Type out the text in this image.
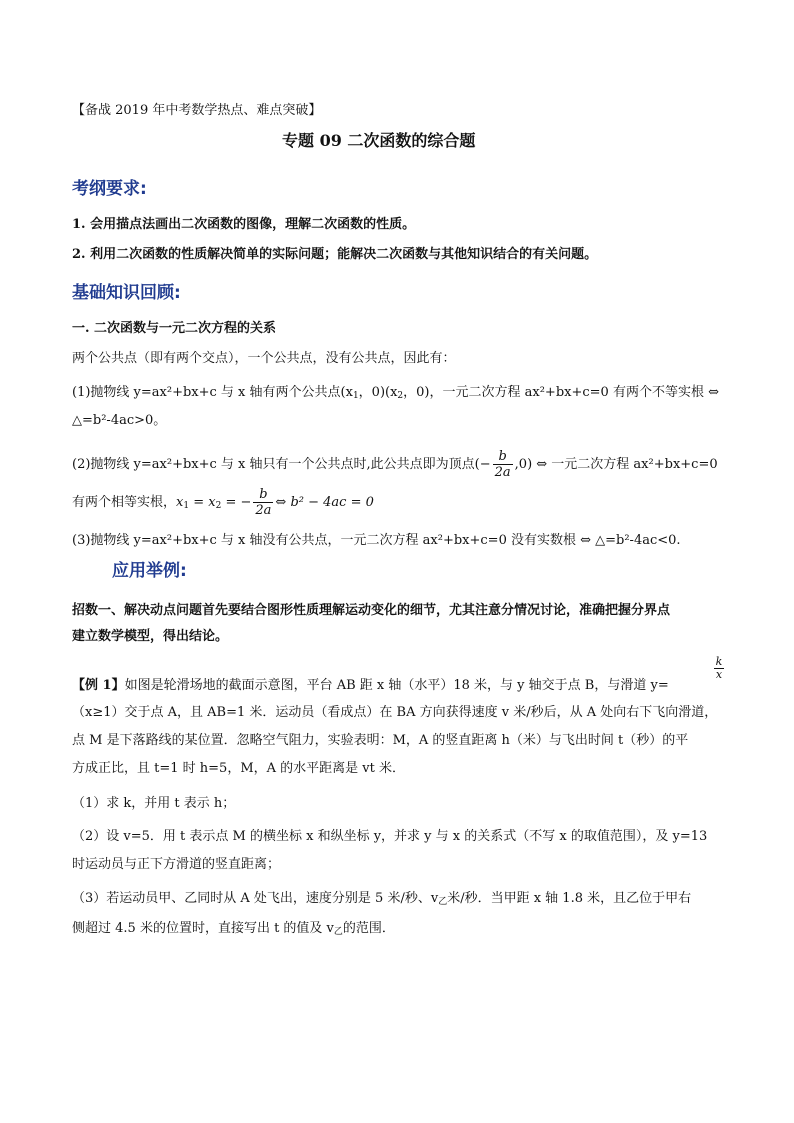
【备战 2019 年中考数学热点、难点突破】
专题 09 二次函数的综合题
考纲要求:
1. 会用描点法画出二次函数的图像，理解二次函数的性质。
2. 利用二次函数的性质解决简单的实际问题；能解决二次函数与其他知识结合的有关问题。
基础知识回顾:
一. 二次函数与一元二次方程的关系
两个公共点（即有两个交点），一个公共点，没有公共点，因此有：
(1)抛物线 y=ax²+bx+c 与 x 轴有两个公共点($x_1$，$0)(x_2$，0)，一元二次方程 ax²+bx+c=0 有两个不等实根 ⇔
△=b²-4ac>0。
(2)抛物线 y=ax²+bx+c 与 x 轴只有一个公共点时,此公共点即为顶点(− $\frac{b}{2a} ,0$) ⇔ 一元二次方程 ax²+bx+c=0
有两个相等实根，$x_1 = x_2$ = − $\frac{b}{2a}$ ⇔ b² − 4ac = 0
(3)抛物线 y=ax²+bx+c 与 x 轴没有公共点，一元二次方程 ax²+bx+c=0 没有实数根 ⇔ △=b²-4ac<0.
应用举例:
招数一、解决动点问题首先要结合图形性质理解运动变化的细节，尤其注意分情况讨论，准确把握分界点
建立数学模型，得出结论。
$\frac{k}{x}$
【例 1】如图是轮滑场地的截面示意图，平台 AB 距 x 轴（水平）18 米，与 y 轴交于点 B，与滑道 y=
（x≥1）交于点 A，且 AB=1 米．运动员（看成点）在 BA 方向获得速度 v 米/秒后，从 A 处向右下飞向滑道，
点 M 是下落路线的某位置．忽略空气阻力，实验表明：M，A 的竖直距离 h（米）与飞出时间 t（秒）的平
方成正比，且 t=1 时 h=5，M，A 的水平距离是 vt 米．
（1）求 k，并用 t 表示 h；
（2）设 v=5．用 t 表示点 M 的横坐标 x 和纵坐标 y，并求 y 与 x 的关系式（不写 x 的取值范围），及 y=13
时运动员与正下方滑道的竖直距离；
（3）若运动员甲、乙同时从 A 处飞出，速度分别是 5 米/秒、$v_乙$米/秒．当甲距 x 轴 1.8 米，且乙位于甲右
侧超过 4.5 米的位置时，直接写出 t 的值及 $v_乙$的范围．
